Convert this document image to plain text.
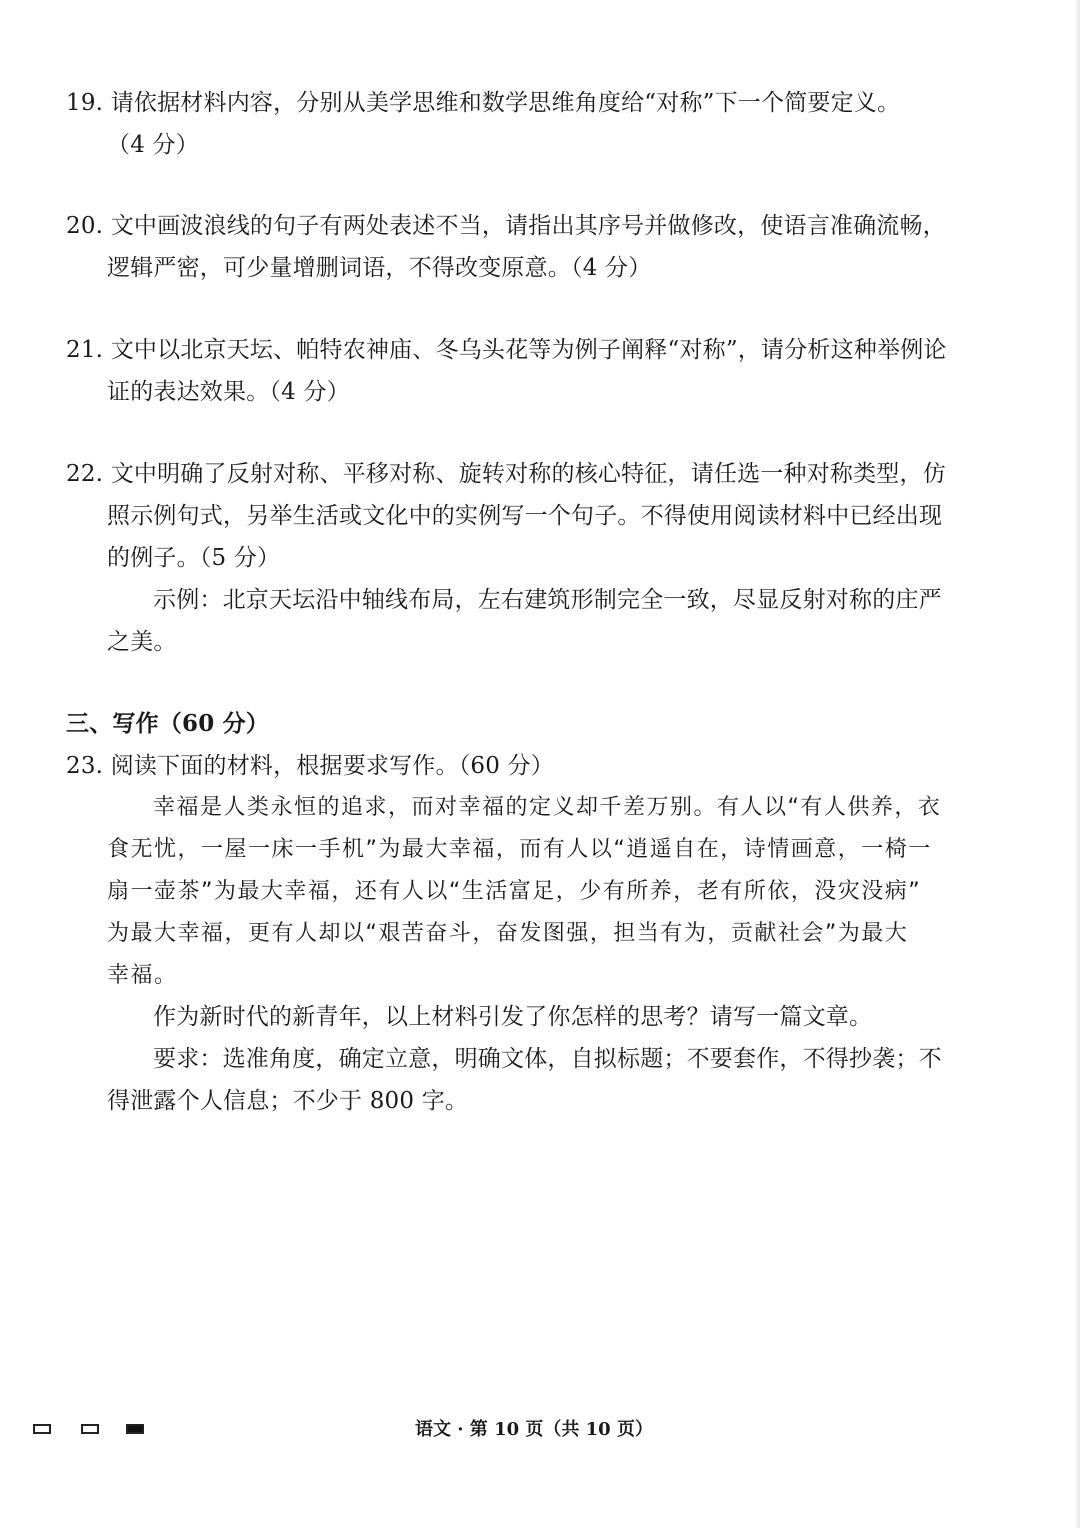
19. 请依据材料内容，分别从美学思维和数学思维角度给“对称”下一个简要定义。
（4 分）
20. 文中画波浪线的句子有两处表述不当，请指出其序号并做修改，使语言准确流畅，
逻辑严密，可少量增删词语，不得改变原意。（4 分）
21. 文中以北京天坛、帕特农神庙、冬乌头花等为例子阐释“对称”，请分析这种举例论
证的表达效果。（4 分）
22. 文中明确了反射对称、平移对称、旋转对称的核心特征，请任选一种对称类型，仿
照示例句式，另举生活或文化中的实例写一个句子。不得使用阅读材料中已经出现
的例子。（5 分）
示例：北京天坛沿中轴线布局，左右建筑形制完全一致，尽显反射对称的庄严
之美。
三、写作（60 分）
23. 阅读下面的材料，根据要求写作。（60 分）
幸福是人类永恒的追求，而对幸福的定义却千差万别。有人以“有人供养，衣
食无忧，一屋一床一手机”为最大幸福，而有人以“逍遥自在，诗情画意，一椅一
扇一壶茶”为最大幸福，还有人以“生活富足，少有所养，老有所依，没灾没病”
为最大幸福，更有人却以“艰苦奋斗，奋发图强，担当有为，贡献社会”为最大
幸福。
作为新时代的新青年，以上材料引发了你怎样的思考？请写一篇文章。
要求：选准角度，确定立意，明确文体，自拟标题；不要套作，不得抄袭；不
得泄露个人信息；不少于 800 字。
语文 · 第 10 页（共 10 页）
